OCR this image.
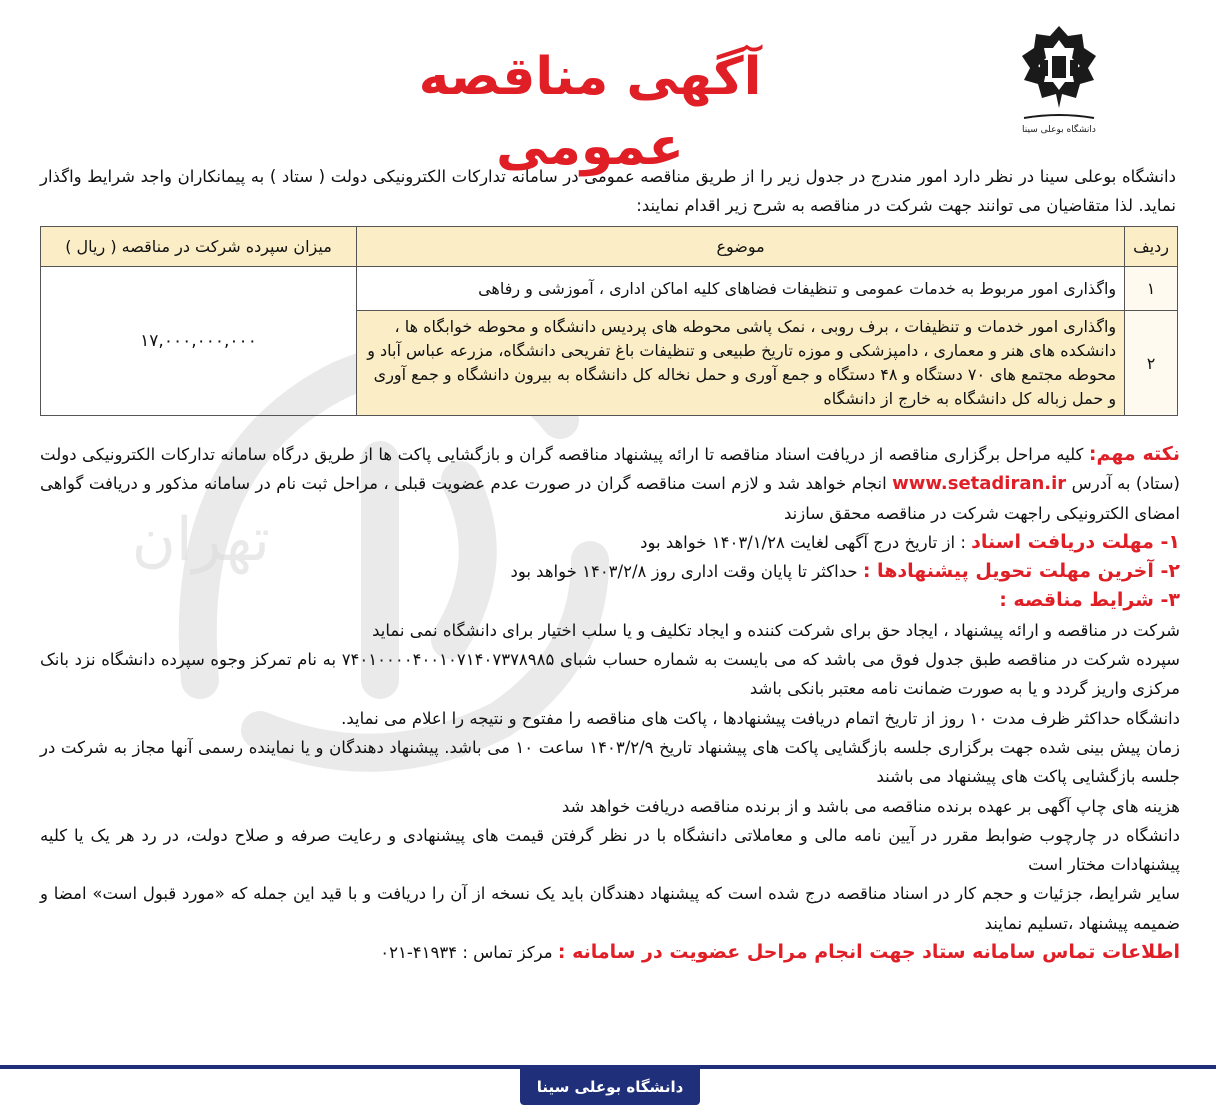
تهران
دانشگاه بوعلی سینا
آگهی مناقصه عمومی
دانشگاه بوعلی سینا در نظر دارد امور مندرج در جدول زیر را از طریق مناقصه عمومی در سامانه تدارکات الکترونیکی دولت ( ستاد ) به پیمانکاران واجد شرایط واگذار نماید. لذا متقاضیان می توانند جهت شرکت در مناقصه به شرح زیر اقدام نمایند:
ردیف	موضوع	میزان سپرده شرکت در مناقصه ( ریال )
۱	واگذاری امور مربوط به خدمات عمومی و تنظیفات فضاهای کلیه اماکن اداری ، آموزشی و رفاهی	۱۷,۰۰۰,۰۰۰,۰۰۰
۲	واگذاری امور خدمات و تنظیفات ، برف روبی ، نمک پاشی محوطه های پردیس دانشگاه و محوطه خوابگاه ها ، دانشکده های هنر و معماری ، دامپزشکی و موزه تاریخ طبیعی و تنظیفات باغ تفریحی دانشگاه، مزرعه عباس آباد و محوطه مجتمع های ۷۰ دستگاه و ۴۸ دستگاه و جمع آوری و حمل نخاله کل دانشگاه به بیرون دانشگاه و جمع آوری و حمل زباله کل دانشگاه به خارج از دانشگاه	

نکته مهم: کلیه مراحل برگزاری مناقصه از دریافت اسناد مناقصه تا ارائه پیشنهاد مناقصه گران و بازگشایی پاکت ها از طریق درگاه سامانه تدارکات الکترونیکی دولت (ستاد) به آدرس www.setadiran.ir انجام خواهد شد و لازم است مناقصه گران در صورت عدم عضویت قبلی ، مراحل ثبت نام در سامانه مذکور و دریافت گواهی امضای الکترونیکی راجهت شرکت در مناقصه محقق سازند

۱- مهلت دریافت اسناد : از تاریخ درج آگهی لغایت ۱۴۰۳/۱/۲۸ خواهد بود

۲- آخرین مهلت تحویل پیشنهادها : حداکثر تا پایان وقت اداری روز ۱۴۰۳/۲/۸ خواهد بود

۳- شرایط مناقصه :

شرکت در مناقصه و ارائه پیشنهاد ، ایجاد حق برای شرکت کننده و ایجاد تکلیف و یا سلب اختیار برای دانشگاه نمی نماید

سپرده شرکت در مناقصه طبق جدول فوق می باشد که می بایست به شماره حساب شبای ۷۴۰۱۰۰۰۰۴۰۰۱۰۷۱۴۰۷۳۷۸۹۸۵ به نام تمرکز وجوه سپرده دانشگاه نزد بانک مرکزی واریز گردد و یا به صورت ضمانت نامه معتبر بانکی باشد

دانشگاه حداکثر ظرف مدت ۱۰ روز از تاریخ اتمام دریافت پیشنهادها ، پاکت های مناقصه را مفتوح و نتیجه را اعلام می نماید.

زمان پیش بینی شده جهت برگزاری جلسه بازگشایی پاکت های پیشنهاد تاریخ ۱۴۰۳/۲/۹ ساعت ۱۰ می باشد. پیشنهاد دهندگان و یا نماینده رسمی آنها مجاز به شرکت در جلسه بازگشایی پاکت های پیشنهاد می باشند

هزینه های چاپ آگهی بر عهده برنده مناقصه می باشد و از برنده مناقصه دریافت خواهد شد

دانشگاه در چارچوب ضوابط مقرر در آیین نامه مالی و معاملاتی دانشگاه با در نظر گرفتن قیمت های پیشنهادی و رعایت صرفه و صلاح دولت، در رد هر یک یا کلیه پیشنهادات مختار است

سایر شرایط، جزئیات و حجم کار در اسناد مناقصه درج شده است که پیشنهاد دهندگان باید یک نسخه از آن را دریافت و با قید این جمله که «مورد قبول است» امضا و ضمیمه پیشنهاد ،تسلیم نمایند

اطلاعات تماس سامانه ستاد جهت انجام مراحل عضویت در سامانه : مرکز تماس : ۴۱۹۳۴-۰۲۱

دانشگاه بوعلی سینا
